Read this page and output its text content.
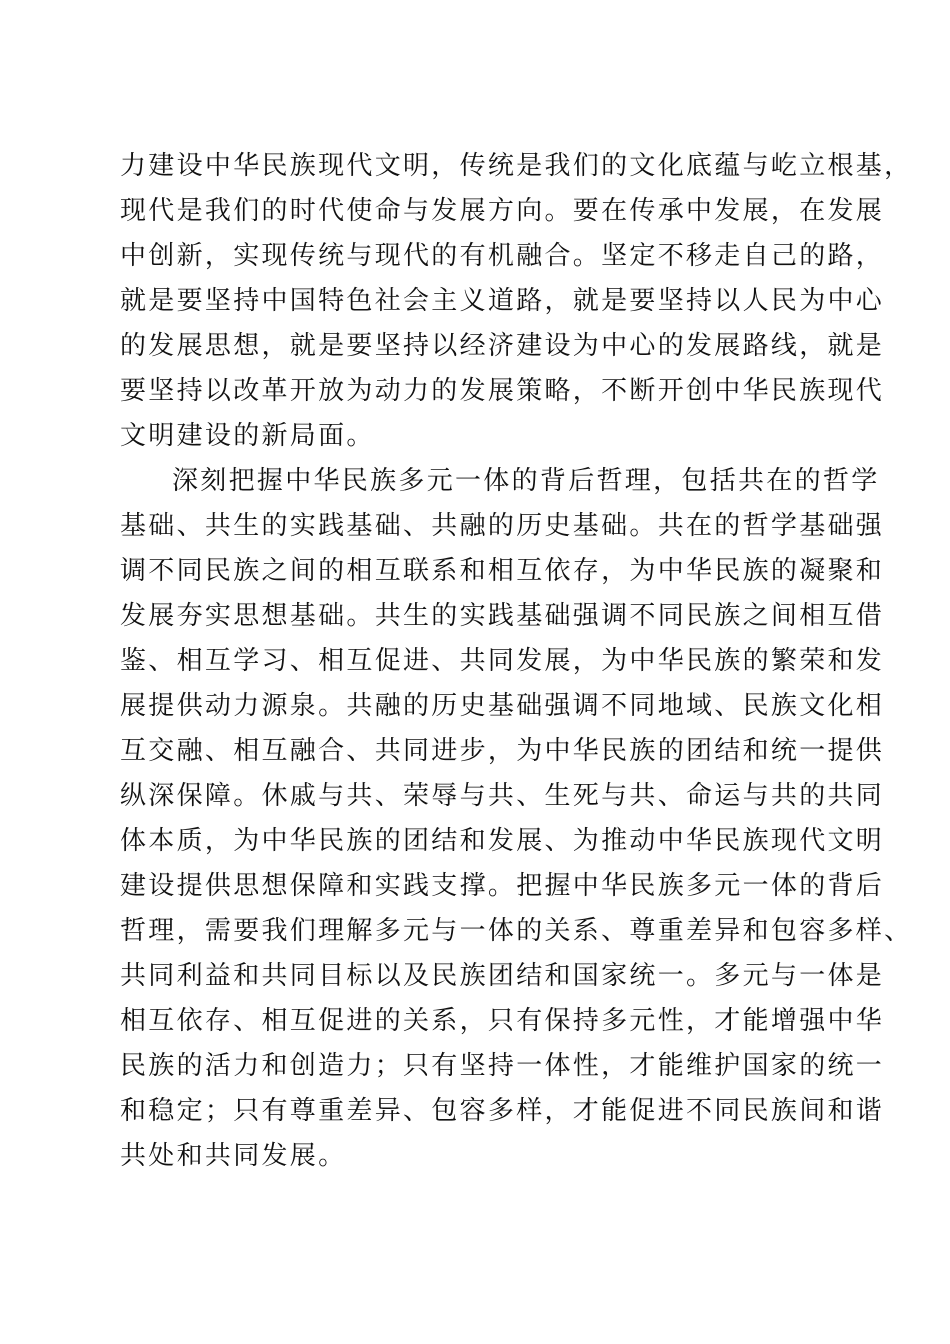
力建设中华民族现代文明，传统是我们的文化底蕴与屹立根基，
现代是我们的时代使命与发展方向。要在传承中发展，在发展
中创新，实现传统与现代的有机融合。坚定不移走自己的路，
就是要坚持中国特色社会主义道路，就是要坚持以人民为中心
的发展思想，就是要坚持以经济建设为中心的发展路线，就是
要坚持以改革开放为动力的发展策略，不断开创中华民族现代
文明建设的新局面。
深刻把握中华民族多元一体的背后哲理，包括共在的哲学
基础、共生的实践基础、共融的历史基础。共在的哲学基础强
调不同民族之间的相互联系和相互依存，为中华民族的凝聚和
发展夯实思想基础。共生的实践基础强调不同民族之间相互借
鉴、相互学习、相互促进、共同发展，为中华民族的繁荣和发
展提供动力源泉。共融的历史基础强调不同地域、民族文化相
互交融、相互融合、共同进步，为中华民族的团结和统一提供
纵深保障。休戚与共、荣辱与共、生死与共、命运与共的共同
体本质，为中华民族的团结和发展、为推动中华民族现代文明
建设提供思想保障和实践支撑。把握中华民族多元一体的背后
哲理，需要我们理解多元与一体的关系、尊重差异和包容多样、
共同利益和共同目标以及民族团结和国家统一。多元与一体是
相互依存、相互促进的关系，只有保持多元性，才能增强中华
民族的活力和创造力；只有坚持一体性，才能维护国家的统一
和稳定；只有尊重差异、包容多样，才能促进不同民族间和谐
共处和共同发展。
